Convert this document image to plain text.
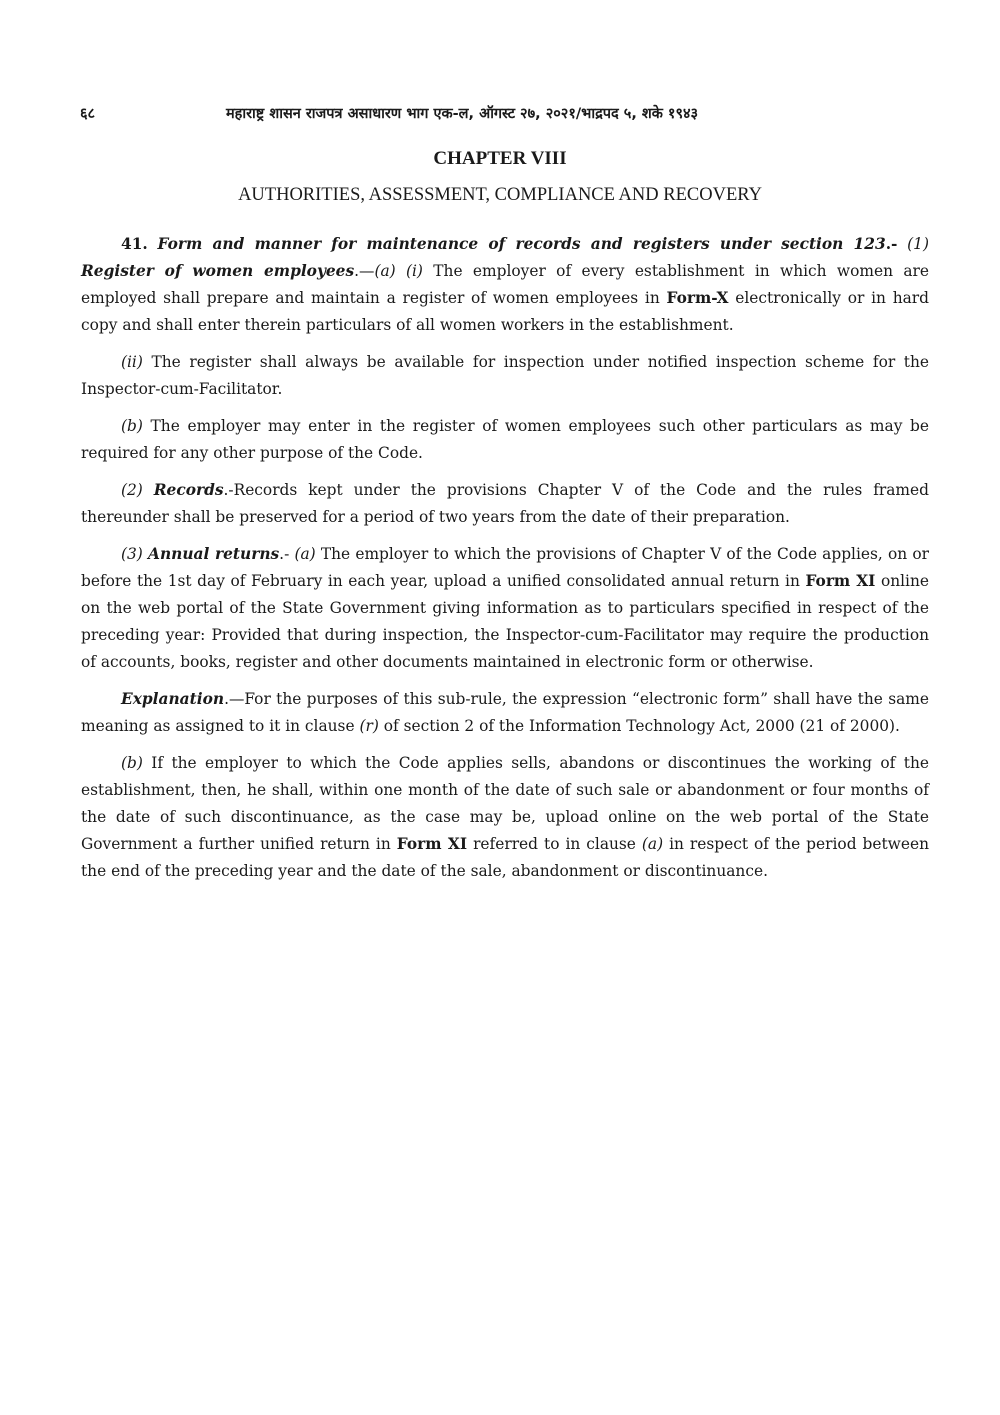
६८	महाराष्ट्र शासन राजपत्र असाधारण भाग एक-ल, ऑगस्ट २७, २०२१/भाद्रपद ५, शके १९४३
CHAPTER VIII
AUTHORITIES, ASSESSMENT, COMPLIANCE AND RECOVERY

41. Form and manner for maintenance of records and registers under section 123.- (1) Register of women employees.—(a) (i) The employer of every establishment in which women are employed shall prepare and maintain a register of women employees in Form-X electronically or in hard copy and shall enter therein particulars of all women workers in the establishment.

(ii) The register shall always be available for inspection under notified inspection scheme for the Inspector-cum-Facilitator.

(b) The employer may enter in the register of women employees such other particulars as may be required for any other purpose of the Code.

(2) Records.-Records kept under the provisions Chapter V of the Code and the rules framed thereunder shall be preserved for a period of two years from the date of their preparation.

(3) Annual returns.- (a) The employer to which the provisions of Chapter V of the Code applies, on or before the 1st day of February in each year, upload a unified consolidated annual return in Form XI online on the web portal of the State Government giving information as to particulars specified in respect of the preceding year: Provided that during inspection, the Inspector-cum-Facilitator may require the production of accounts, books, register and other documents maintained in electronic form or otherwise.

Explanation.—For the purposes of this sub-rule, the expression “electronic form” shall have the same meaning as assigned to it in clause (r) of section 2 of the Information Technology Act, 2000 (21 of 2000).

(b) If the employer to which the Code applies sells, abandons or discontinues the working of the establishment, then, he shall, within one month of the date of such sale or abandonment or four months of the date of such discontinuance, as the case may be, upload online on the web portal of the State Government a further unified return in Form XI referred to in clause (a) in respect of the period between the end of the preceding year and the date of the sale, abandonment or discontinuance.
